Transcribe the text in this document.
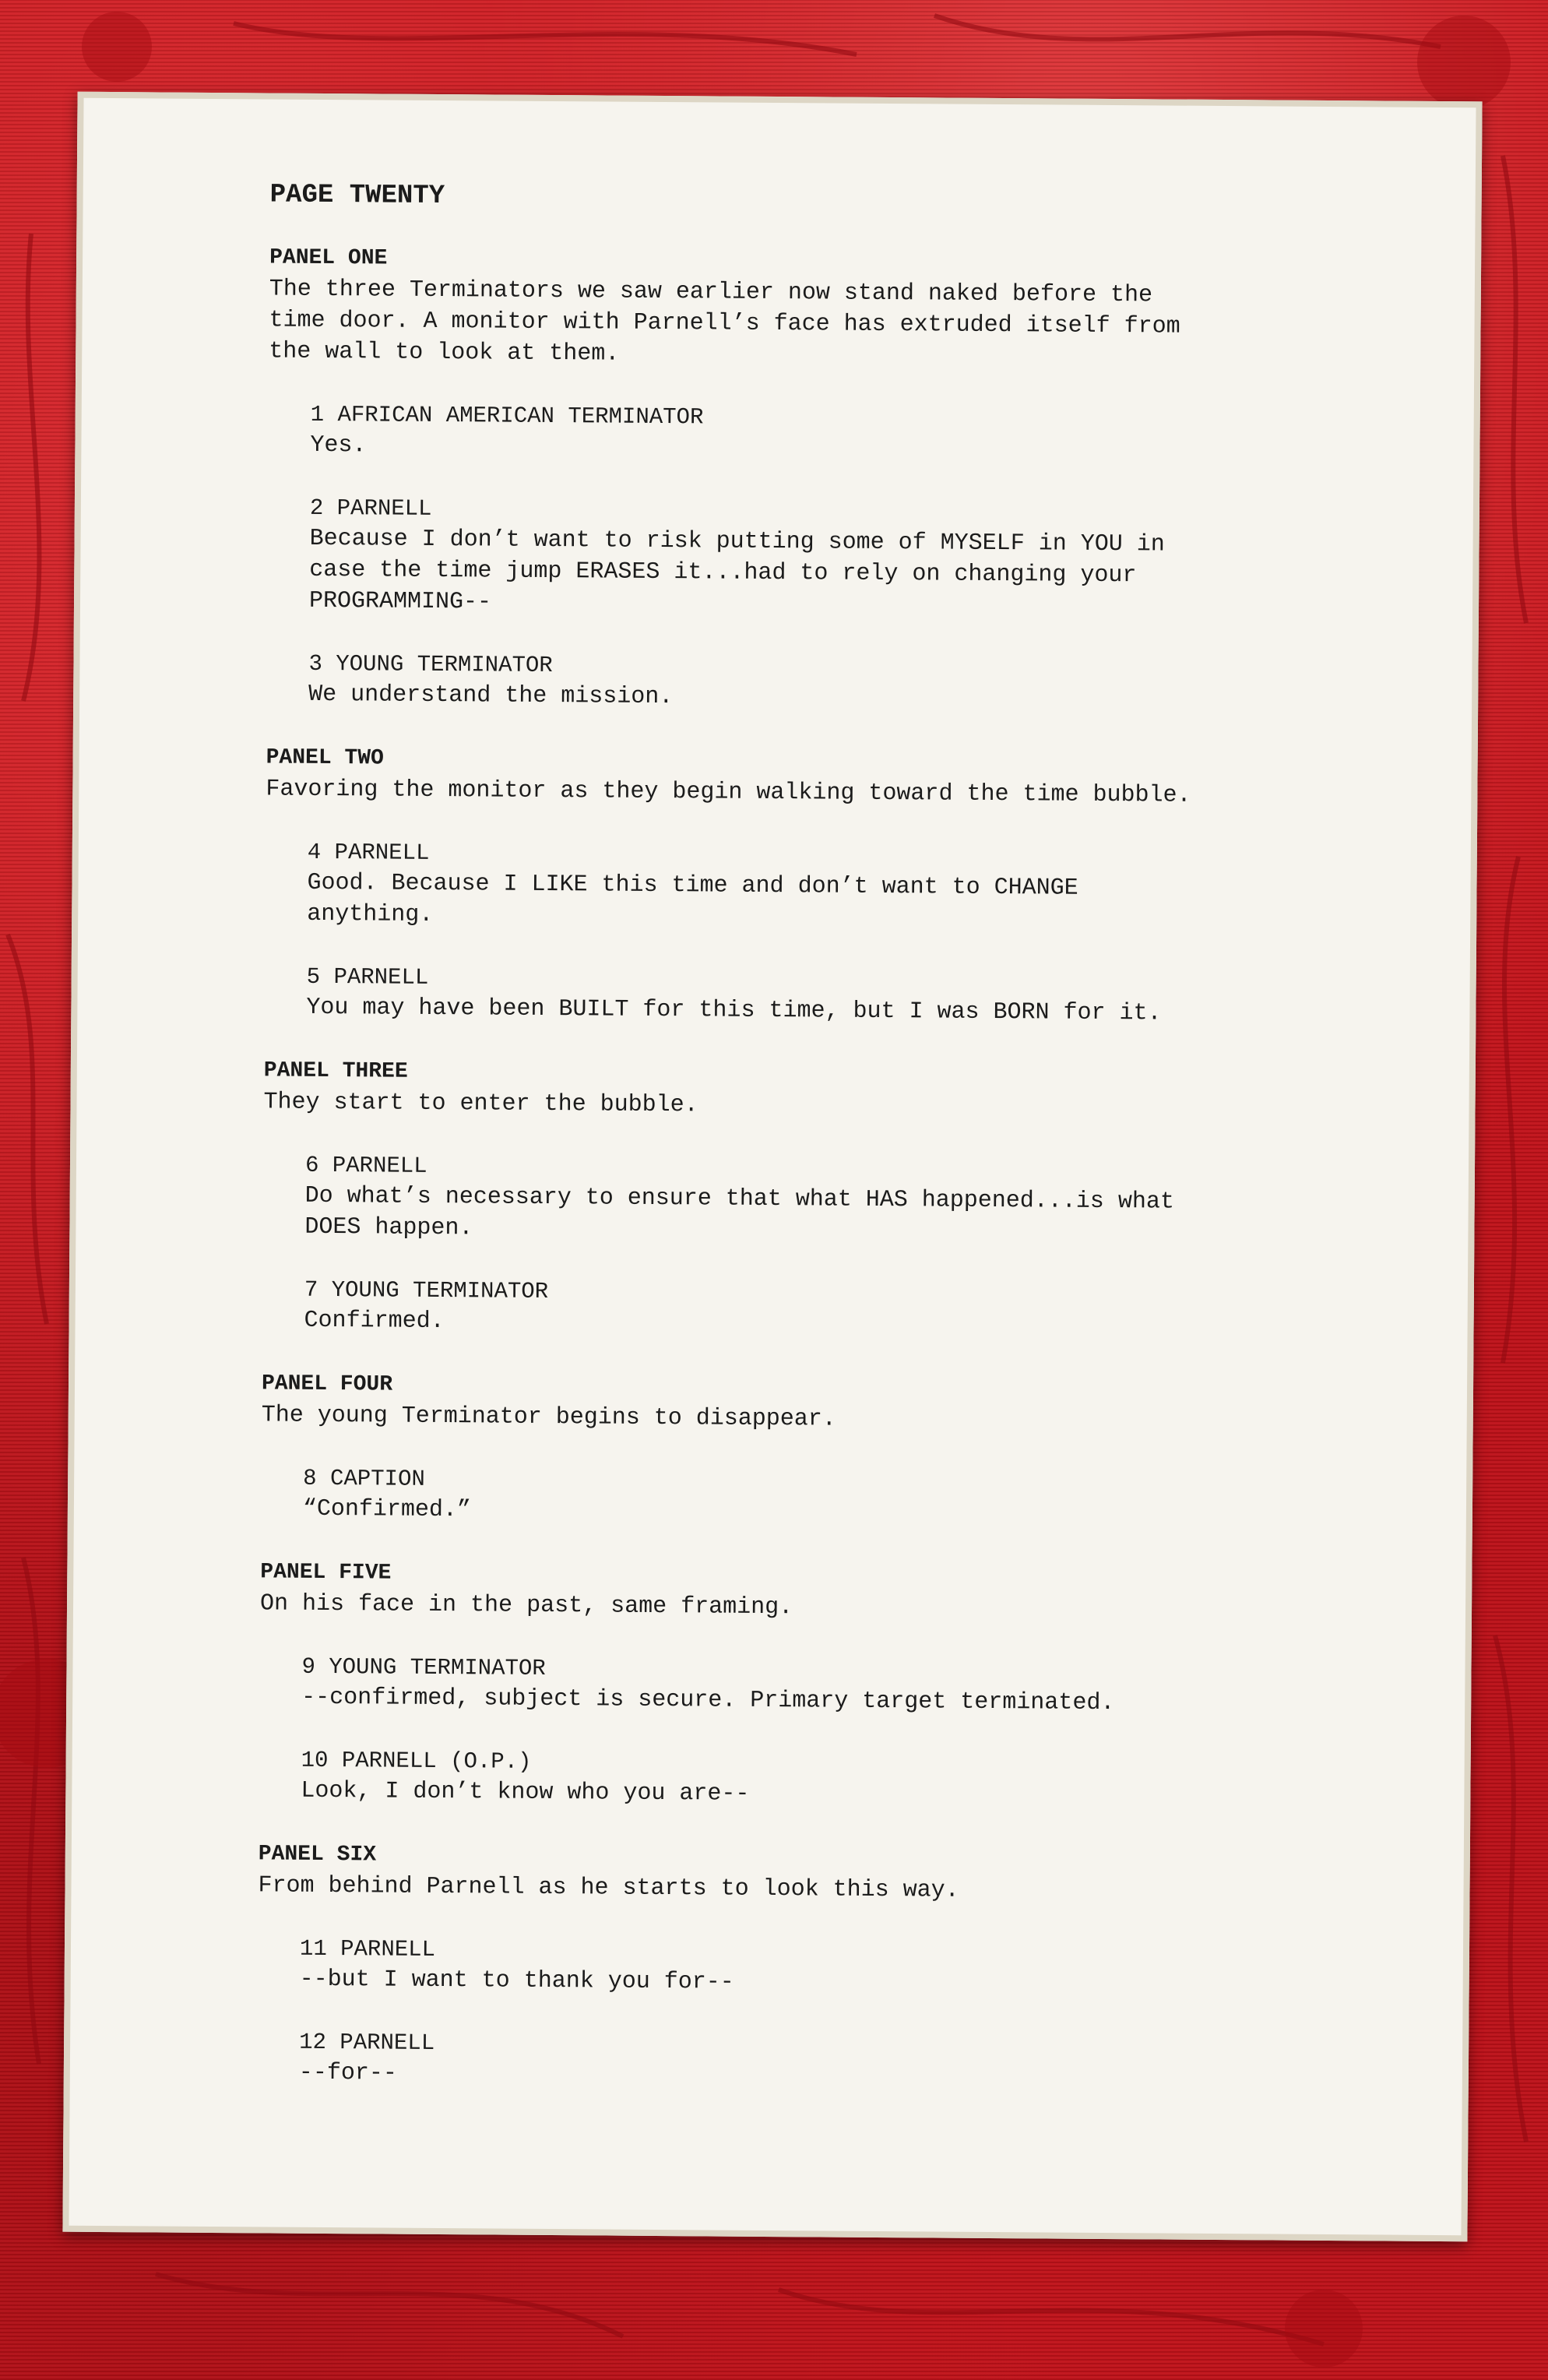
PAGE TWENTY
PANEL ONE
The three Terminators we saw earlier now stand naked before the
time door. A monitor with Parnell’s face has extruded itself from
the wall to look at them.
1 AFRICAN AMERICAN TERMINATOR
Yes.
2 PARNELL
Because I don’t want to risk putting some of MYSELF in YOU in
case the time jump ERASES it...had to rely on changing your
PROGRAMMING--
3 YOUNG TERMINATOR
We understand the mission.
PANEL TWO
Favoring the monitor as they begin walking toward the time bubble.
4 PARNELL
Good. Because I LIKE this time and don’t want to CHANGE
anything.
5 PARNELL
You may have been BUILT for this time, but I was BORN for it.
PANEL THREE
They start to enter the bubble.
6 PARNELL
Do what’s necessary to ensure that what HAS happened...is what
DOES happen.
7 YOUNG TERMINATOR
Confirmed.
PANEL FOUR
The young Terminator begins to disappear.
8 CAPTION
“Confirmed.”
PANEL FIVE
On his face in the past, same framing.
9 YOUNG TERMINATOR
--confirmed, subject is secure. Primary target terminated.
10 PARNELL (O.P.)
Look, I don’t know who you are--
PANEL SIX
From behind Parnell as he starts to look this way.
11 PARNELL
--but I want to thank you for--
12 PARNELL
--for--
